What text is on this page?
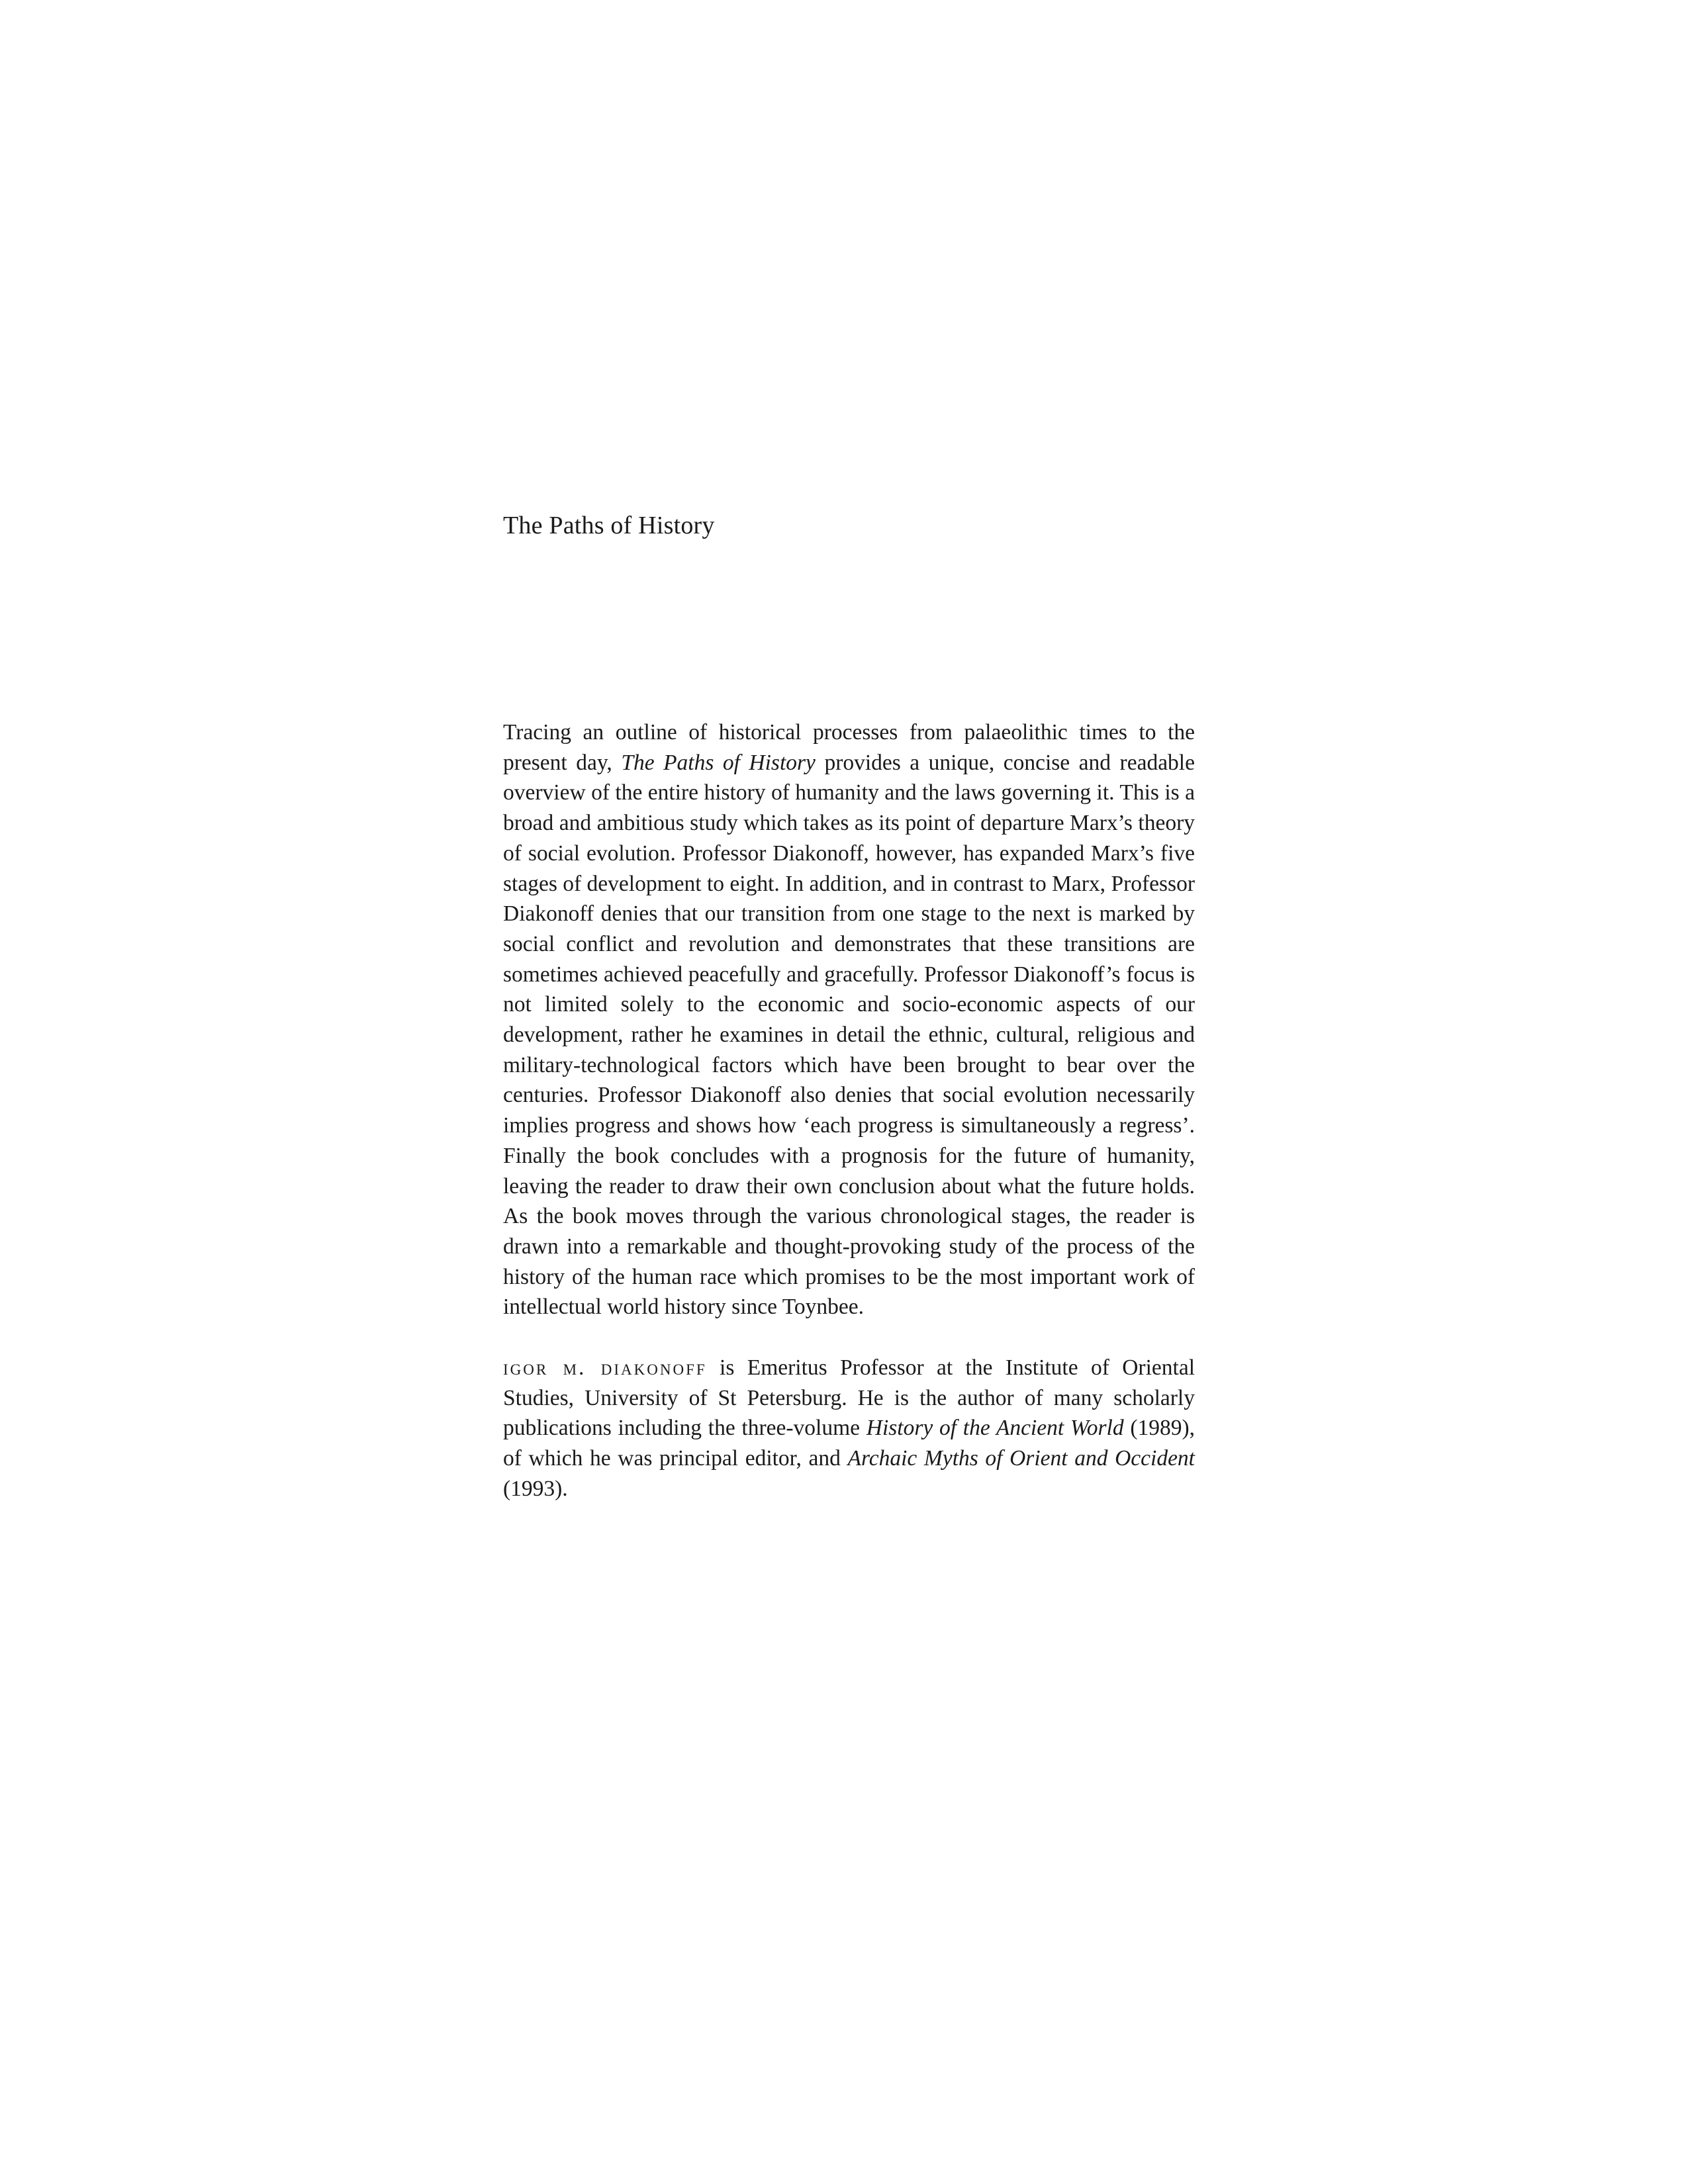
The Paths of History

Tracing an outline of historical processes from palaeolithic times to the present day, The Paths of History provides a unique, concise and readable overview of the entire history of humanity and the laws governing it. This is a broad and ambitious study which takes as its point of departure Marx’s theory of social evolution. Professor Diakonoff, however, has expanded Marx’s five stages of development to eight. In addition, and in contrast to Marx, Professor Diakonoff denies that our transition from one stage to the next is marked by social conflict and revolution and demonstrates that these transitions are sometimes achieved peacefully and gracefully. Professor Diakonoff’s focus is not limited solely to the economic and socio-economic aspects of our development, rather he examines in detail the ethnic, cultural, religious and military-technological factors which have been brought to bear over the centuries. Professor Diakonoff also denies that social evolution necessarily implies progress and shows how ‘each progress is simultaneously a regress’. Finally the book concludes with a prognosis for the future of humanity, leaving the reader to draw their own conclusion about what the future holds. As the book moves through the various chronological stages, the reader is drawn into a remarkable and thought-provoking study of the process of the history of the human race which promises to be the most important work of intellectual world history since Toynbee.

igor m. diakonoff is Emeritus Professor at the Institute of Oriental Studies, University of St Petersburg. He is the author of many scholarly publications including the three-volume History of the Ancient World (1989), of which he was principal editor, and Archaic Myths of Orient and Occident (1993).
